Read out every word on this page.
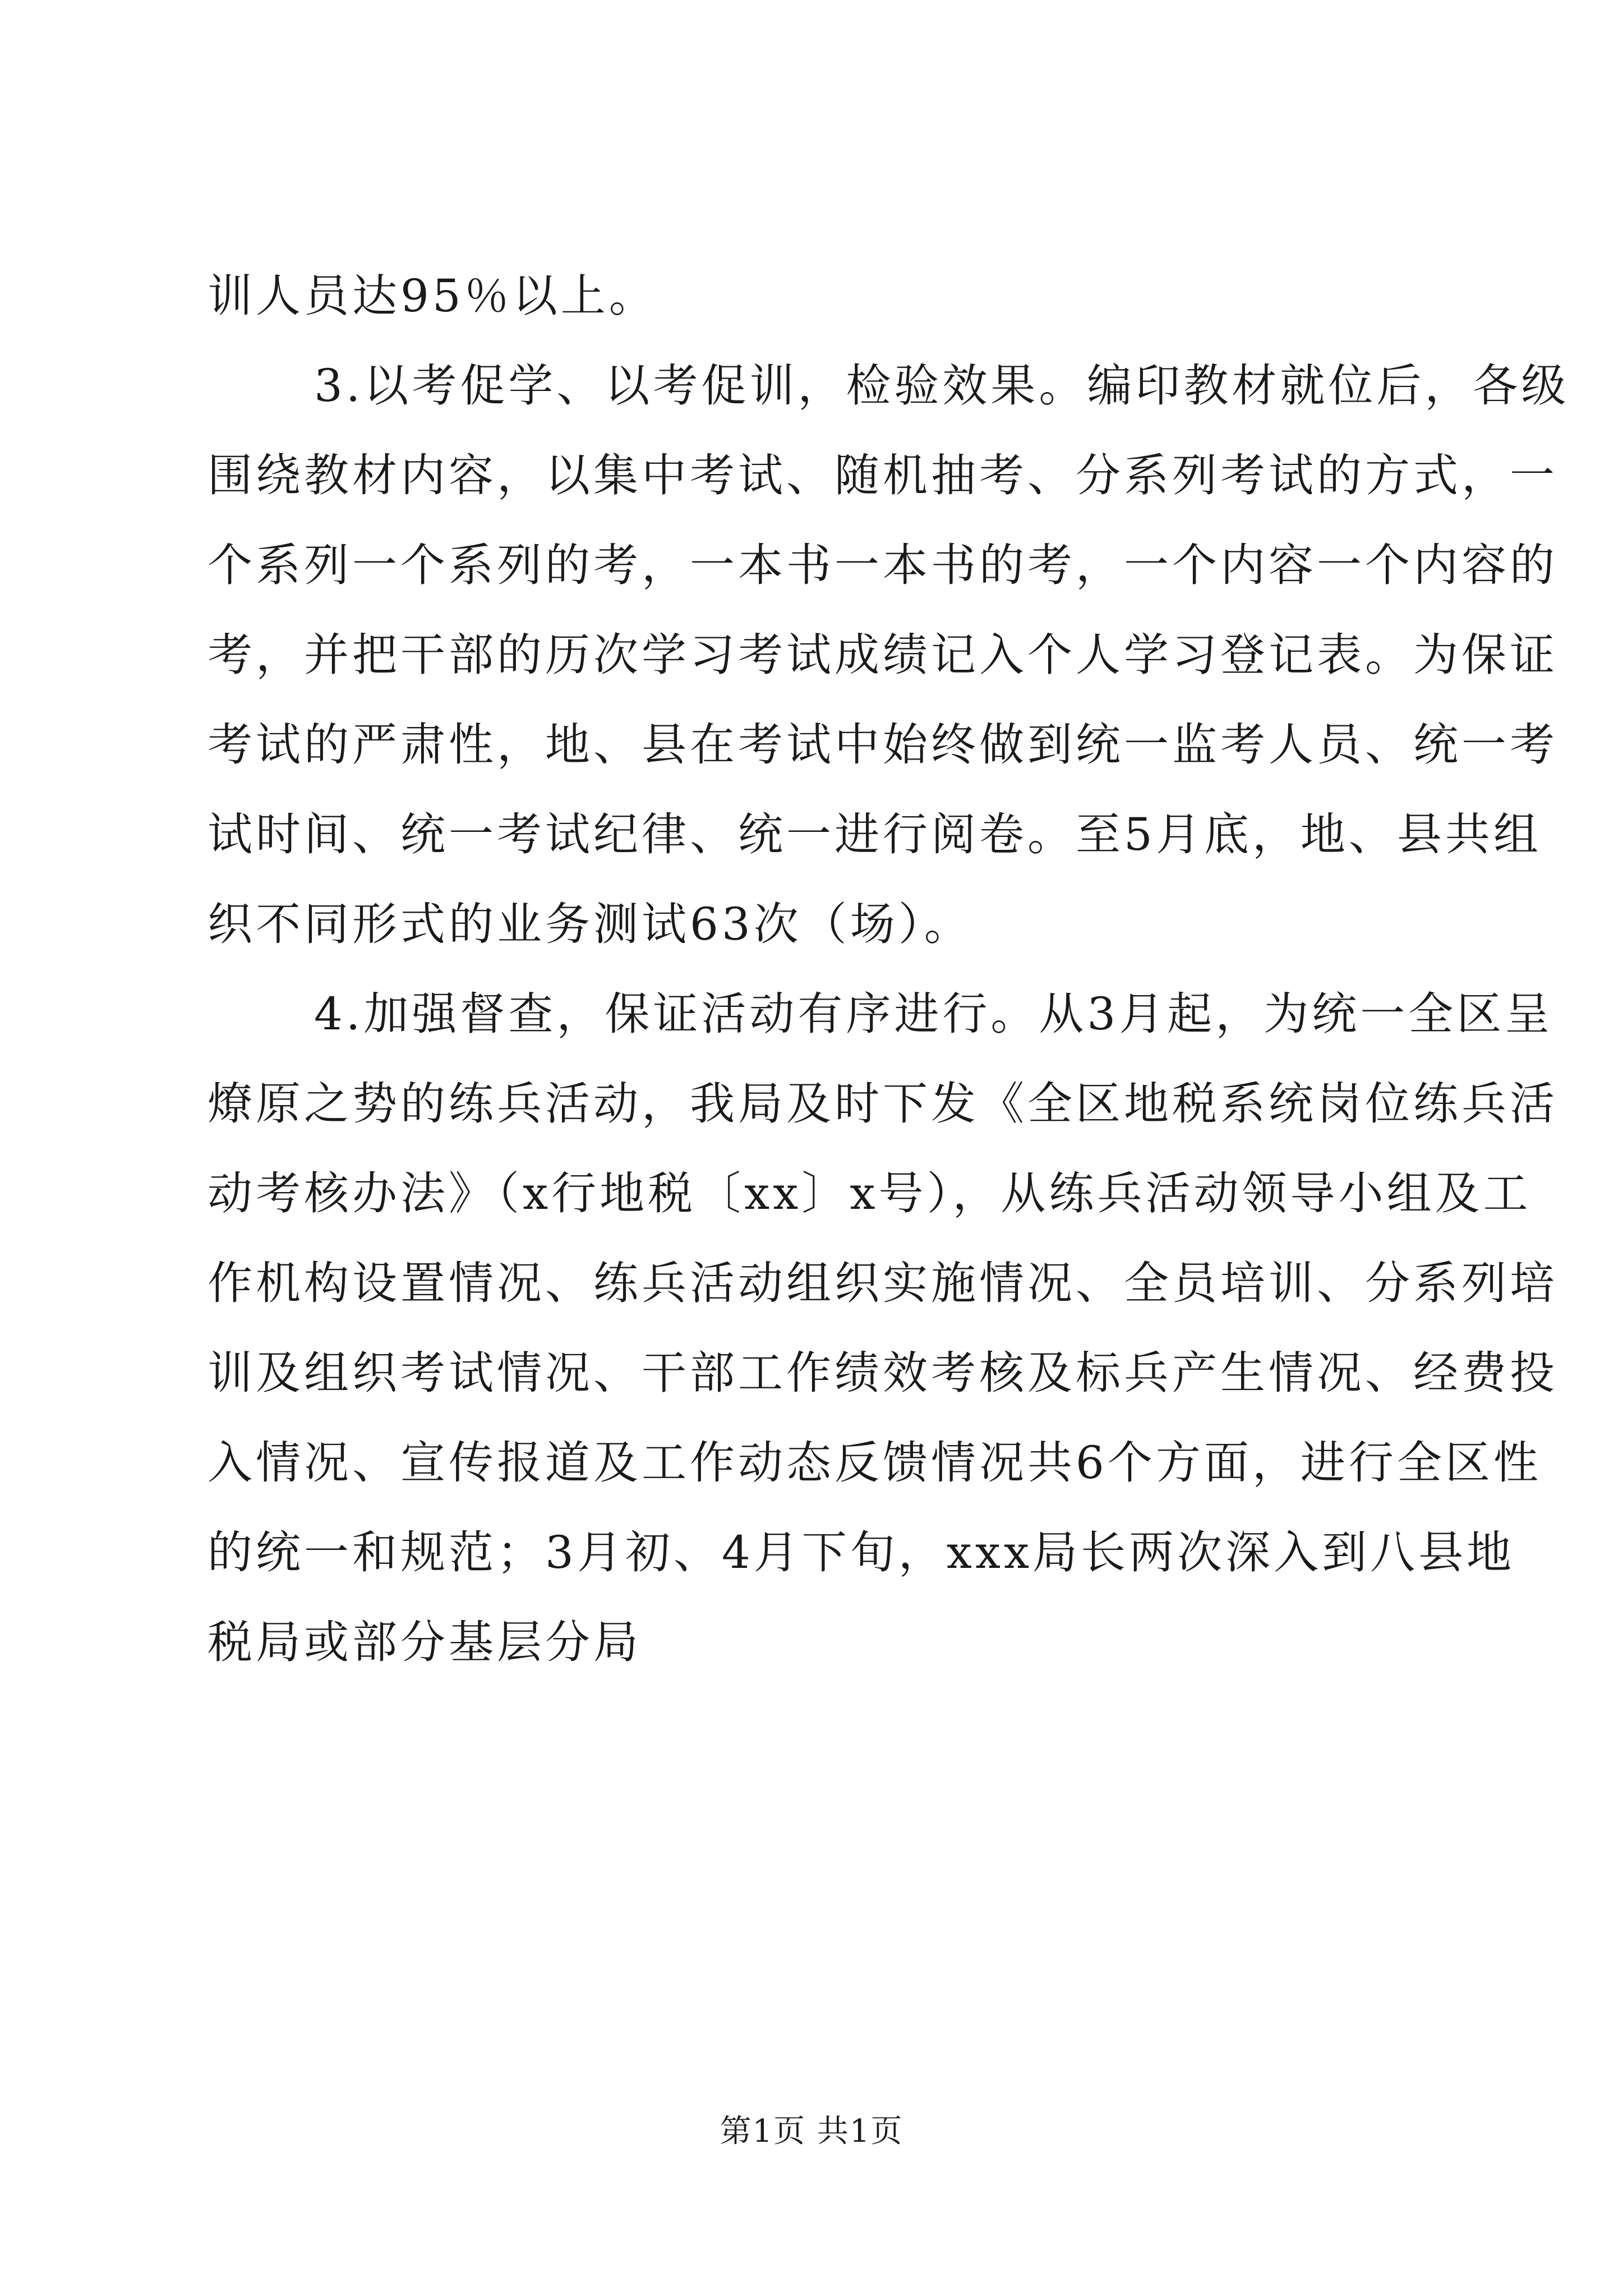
训人员达95％以上。
3.以考促学、以考促训，检验效果。编印教材就位后，各级
围绕教材内容，以集中考试、随机抽考、分系列考试的方式，一
个系列一个系列的考，一本书一本书的考，一个内容一个内容的
考，并把干部的历次学习考试成绩记入个人学习登记表。为保证
考试的严肃性，地、县在考试中始终做到统一监考人员、统一考
试时间、统一考试纪律、统一进行阅卷。至5月底，地、县共组
织不同形式的业务测试63次（场）。
4.加强督查，保证活动有序进行。从3月起，为统一全区呈
燎原之势的练兵活动，我局及时下发《全区地税系统岗位练兵活
动考核办法》（x行地税〔xx〕x号），从练兵活动领导小组及工
作机构设置情况、练兵活动组织实施情况、全员培训、分系列培
训及组织考试情况、干部工作绩效考核及标兵产生情况、经费投
入情况、宣传报道及工作动态反馈情况共6个方面，进行全区性
的统一和规范；3月初、4月下旬，xxx局长两次深入到八县地
税局或部分基层分局
第1页 共1页
